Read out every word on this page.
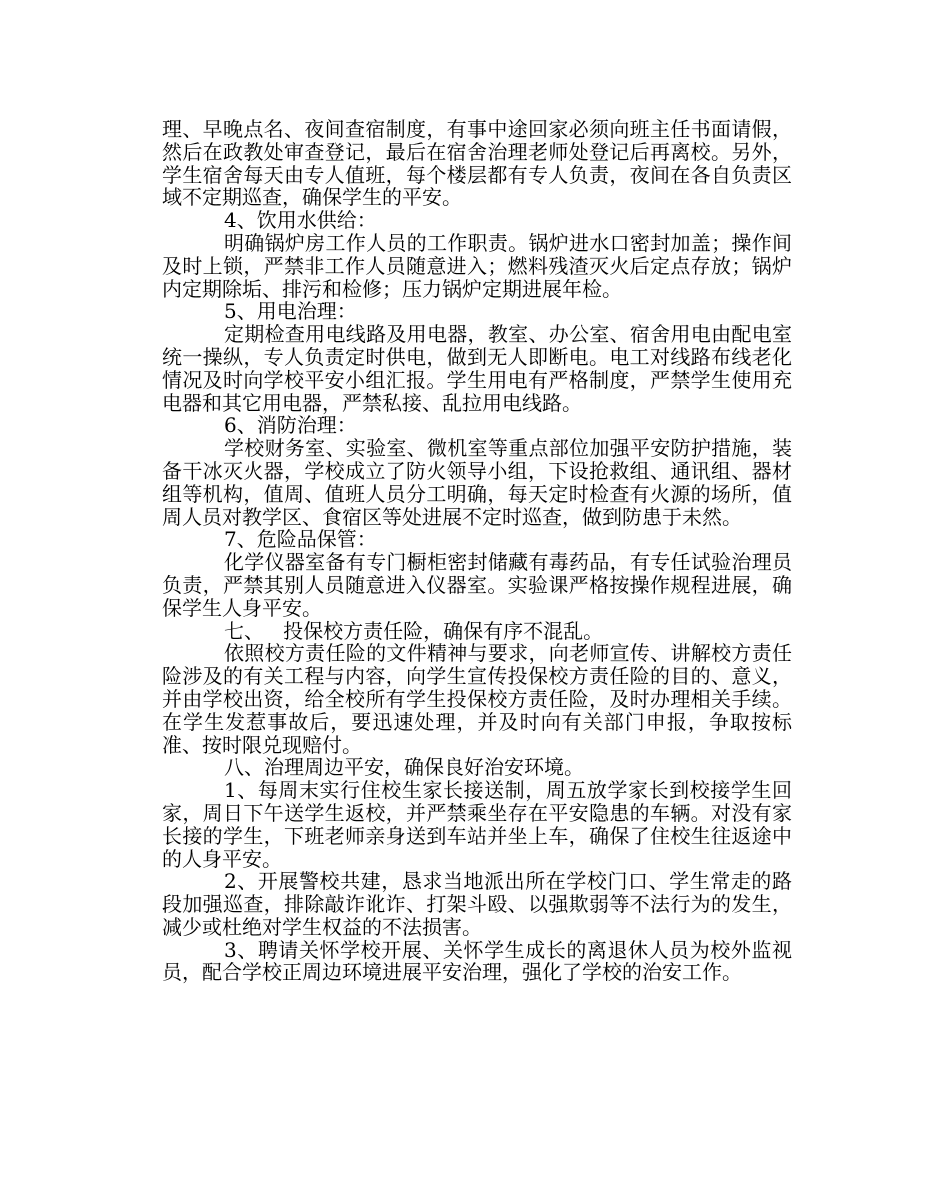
理、早晚点名、夜间查宿制度，有事中途回家必须向班主任书面请假，然后在政教处审查登记，最后在宿舍治理老师处登记后再离校。另外，学生宿舍每天由专人值班，每个楼层都有专人负责，夜间在各自负责区域不定期巡查，确保学生的平安。

4、饮用水供给：

明确锅炉房工作人员的工作职责。锅炉进水口密封加盖；操作间及时上锁，严禁非工作人员随意进入；燃料残渣灭火后定点存放；锅炉内定期除垢、排污和检修；压力锅炉定期进展年检。

5、用电治理：

定期检查用电线路及用电器，教室、办公室、宿舍用电由配电室统一操纵，专人负责定时供电，做到无人即断电。电工对线路布线老化情况及时向学校平安小组汇报。学生用电有严格制度，严禁学生使用充电器和其它用电器，严禁私接、乱拉用电线路。

6、消防治理：

学校财务室、实验室、微机室等重点部位加强平安防护措施，装备干冰灭火器，学校成立了防火领导小组，下设抢救组、通讯组、器材组等机构，值周、值班人员分工明确，每天定时检查有火源的场所，值周人员对教学区、食宿区等处进展不定时巡查，做到防患于未然。

7、危险品保管：

化学仪器室备有专门橱柜密封储藏有毒药品，有专任试验治理员负责，严禁其别人员随意进入仪器室。实验课严格按操作规程进展，确保学生人身平安。

七、   投保校方责任险，确保有序不混乱。

依照校方责任险的文件精神与要求，向老师宣传、讲解校方责任险涉及的有关工程与内容，向学生宣传投保校方责任险的目的、意义，并由学校出资，给全校所有学生投保校方责任险，及时办理相关手续。在学生发惹事故后，要迅速处理，并及时向有关部门申报，争取按标准、按时限兑现赔付。

八、治理周边平安，确保良好治安环境。

1、每周末实行住校生家长接送制，周五放学家长到校接学生回家，周日下午送学生返校，并严禁乘坐存在平安隐患的车辆。对没有家长接的学生，下班老师亲身送到车站并坐上车，确保了住校生往返途中的人身平安。

2、开展警校共建，恳求当地派出所在学校门口、学生常走的路段加强巡查，排除敲诈讹诈、打架斗殴、以强欺弱等不法行为的发生，减少或杜绝对学生权益的不法损害。

3、聘请关怀学校开展、关怀学生成长的离退休人员为校外监视员，配合学校正周边环境进展平安治理，强化了学校的治安工作。
